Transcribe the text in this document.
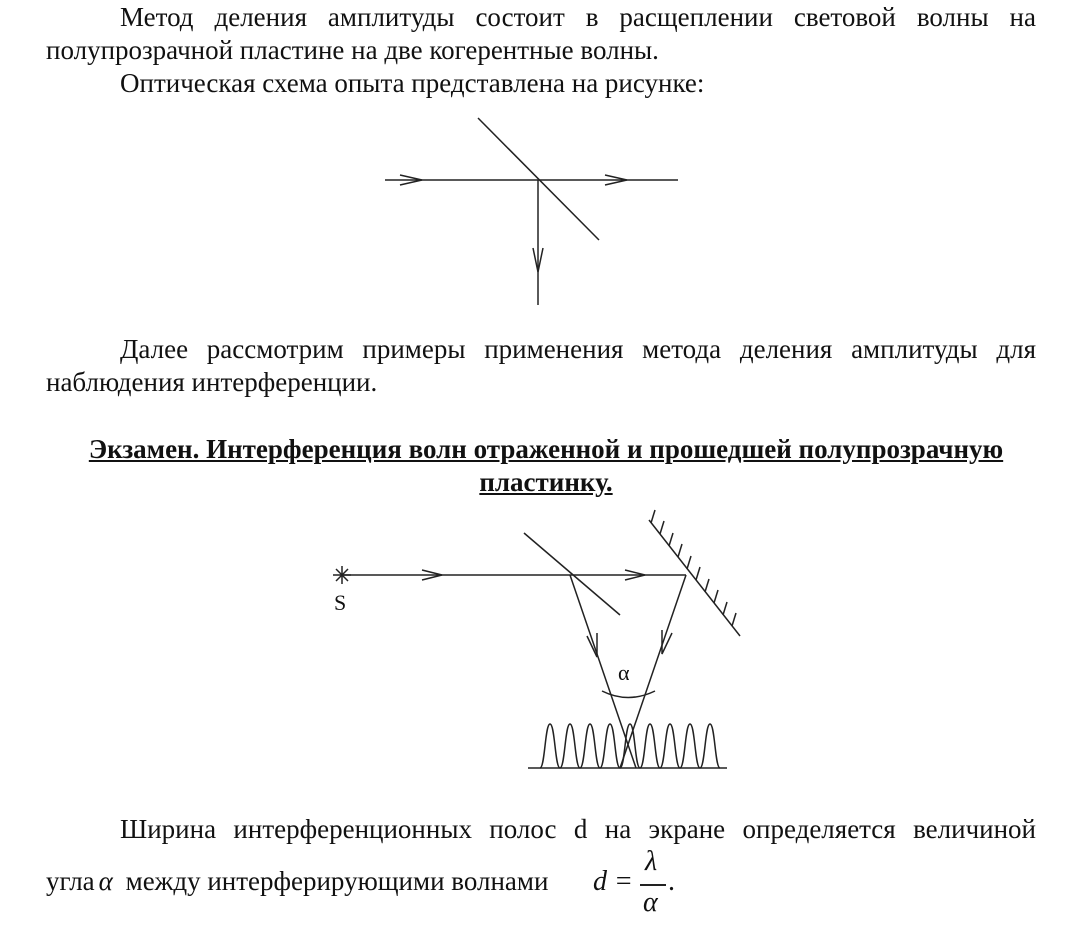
Метод деления амплитуды состоит в расщеплении световой волны на

полупрозрачной пластине на две когерентные волны.

Оптическая схема опыта представлена на рисунке:

Далее рассмотрим примеры применения метода деления амплитуды для

наблюдения интерференции.

Экзамен. Интерференция волн отраженной и прошедшей полупрозрачную
пластинку.
S
α

Ширина интерференционных полос d на экране определяется величиной

угла α между интерферирующими волнами d =
λ
α
.
